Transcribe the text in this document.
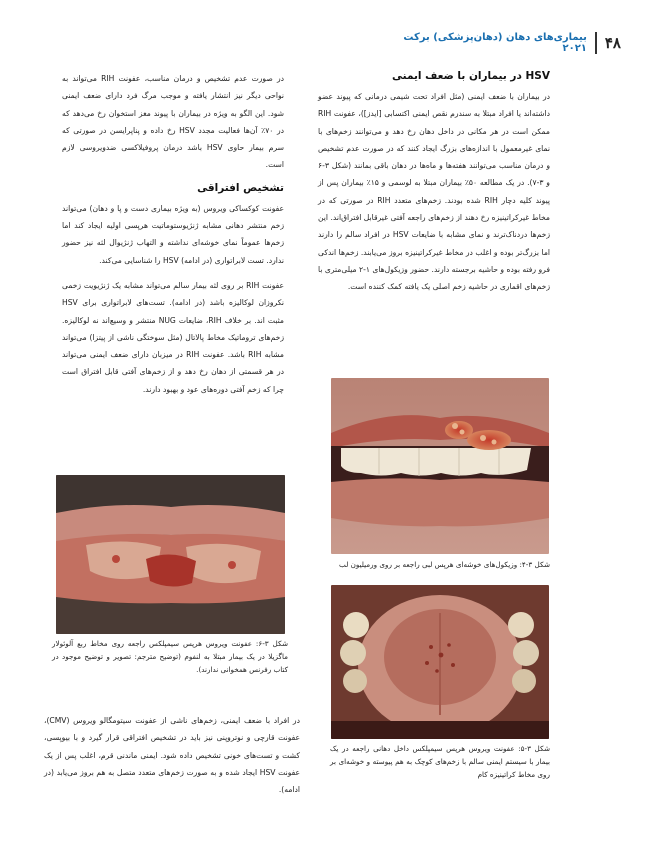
۴۸
بیماری‌های دهان (دهان‌پزشکی) برکت ۲۰۲۱
HSV در بیماران با ضعف ایمنی

در بیماران با ضعف ایمنی (مثل افراد تحت شیمی درمانی که پیوند عضو داشته‌اند یا افراد مبتلا به سندرم نقص ایمنی اکتسابی [ایدز])، عفونت RIH ممکن است در هر مکانی در داخل دهان رخ دهد و می‌توانند زخم‌های با نمای غیرمعمول با اندازه‌های بزرگ ایجاد کنند که در صورت عدم تشخیص و درمان مناسب می‌توانند هفته‌ها و ماه‌ها در دهان باقی بمانند (شکل ۳-۶ و ۳-۷). در یک مطالعه ۵۰٪ بیماران مبتلا به لوسمی و ۱۵٪ بیماران پس از پیوند کلیه دچار RIH شده بودند. زخم‌های متعدد RIH در صورتی که در مخاط غیرکراتینیزه رخ دهند از زخم‌های راجعه آفتی غیرقابل افتراق‌اند. این زخم‌ها دردناک‌ترند و نمای مشابه با ضایعات HSV در افراد سالم را دارند اما بزرگ‌تر بوده و اغلب در مخاط غیرکراتینیزه بروز می‌یابند. زخم‌ها اندکی فرو رفته بوده و حاشیه برجسته دارند. حضور وزیکول‌های ۱-۲ میلی‌متری با زخم‌های اقماری در حاشیه زخم اصلی یک یافته کمک کننده است.

در صورت عدم تشخیص و درمان مناسب، عفونت RIH می‌تواند به نواحی دیگر نیز انتشار یافته و موجب مرگ فرد دارای ضعف ایمنی شود. این الگو به ویژه در بیماران با پیوند مغز استخوان رخ می‌دهد که در ۷۰٪ آن‌ها فعالیت مجدد HSV رخ داده و پناپرایسن در صورتی که سرم بیمار حاوی HSV باشد درمان پروفیلاکسی ضدویروسی لازم است.

تشخیص افتراقی

عفونت کوکساکی ویروس (به ویژه بیماری دست و پا و دهان) می‌تواند زخم منتشر دهانی مشابه ژنژیوستوماتیت هرپسی اولیه ایجاد کند اما زخم‌ها عموماً نمای خوشه‌ای نداشته و التهاب ژنژیوال لثه نیز حضور ندارد. تست لابراتواری (در ادامه) HSV را شناسایی می‌کند.

عفونت RIH بر روی لثه بیمار سالم می‌تواند مشابه یک ژنژیویت زخمی نکروزان لوکالیزه باشد (در ادامه). تست‌های لابراتواری برای HSV مثبت اند. بر خلاف RIH، ضایعات NUG منتشر و وسیع‌اند نه لوکالیزه. زخم‌های تروماتیک مخاط پالاتال (مثل سوختگی ناشی از پیتزا) می‌تواند مشابه RIH باشد. عفونت RIH در میزبان دارای ضعف ایمنی می‌تواند در هر قسمتی از دهان رخ دهد و از زخم‌های آفتی قابل افتراق است چرا که زخم آفتی دوره‌های عود و بهبود دارند.

شکل ۳-۴: وزیکول‌های خوشه‌ای هرپس لبی راجعه بر روی ورمیلیون لب
شکل ۳-۵: عفونت ویروس هرپس سیمپلکس داخل دهانی راجعه در یک بیمار با سیستم ایمنی سالم با زخم‌های کوچک به هم پیوسته و خوشه‌ای بر روی مخاط کراتینیزه کام
شکل ۳-۶: عفونت ویروس هرپس سیمپلکس راجعه روی مخاط ربع آلوئولار ماگزیلا در یک بیمار مبتلا به لنفوم (توضیح مترجم: تصویر و توضیح موجود در کتاب رفرنس همخوانی ندارند).

در افراد با ضعف ایمنی، زخم‌های ناشی از عفونت سیتومگالو ویروس (CMV)، عفونت قارچی و نوتروپنی نیز باید در تشخیص افتراقی قرار گیرد و با بیوپسی، کشت و تست‌های خونی تشخیص داده شود. ایمنی ماندنی قرم، اغلب پس از یک عفونت HSV ایجاد شده و به صورت زخم‌های متعدد متصل به هم بروز می‌یابد (در ادامه).
